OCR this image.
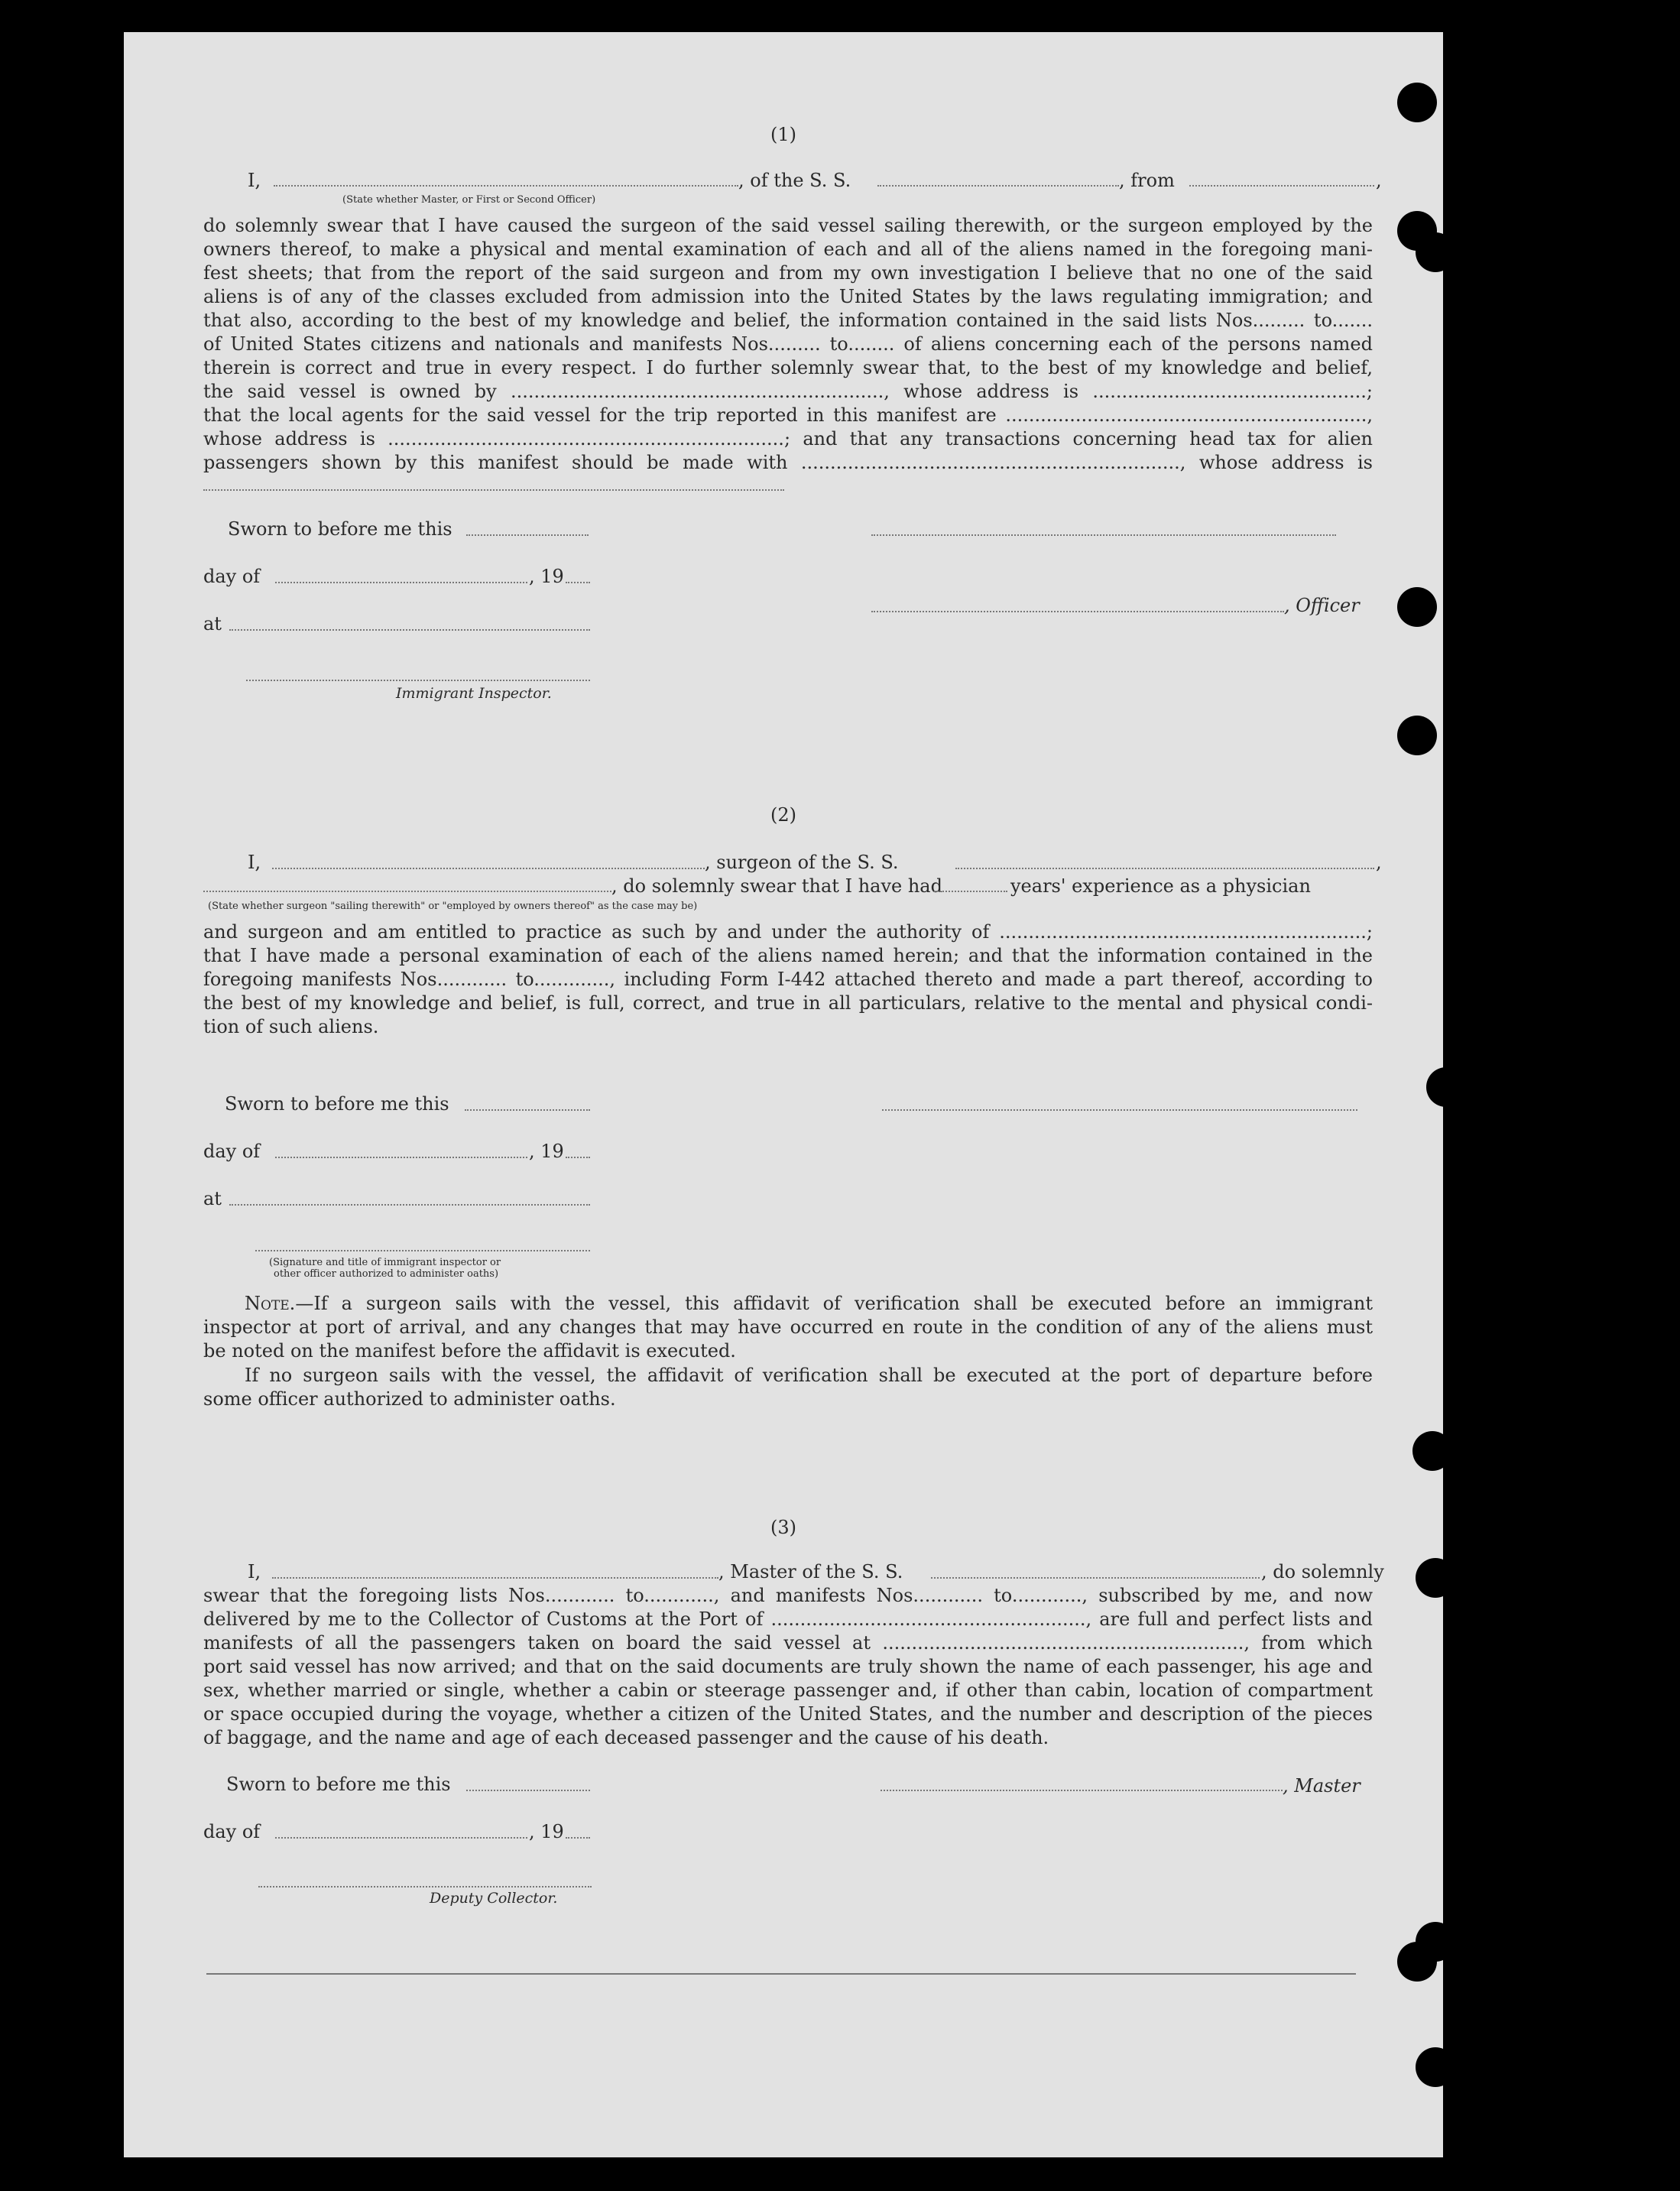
(1)
I,	, of the S. S.	, from	,
(State whether Master, or First or Second Officer)
do solemnly swear that I have caused the surgeon of the said vessel sailing therewith, or the surgeon employed by the
owners thereof, to make a physical and mental examination of each and all of the aliens named in the foregoing mani-
fest sheets; that from the report of the said surgeon and from my own investigation I believe that no one of the said
aliens is of any of the classes excluded from admission into the United States by the laws regulating immigration; and
that also, according to the best of my knowledge and belief, the information contained in the said lists Nos......... to.......
of United States citizens and nationals and manifests Nos......... to........ of aliens concerning each of the persons named
therein is correct and true in every respect. I do further solemnly swear that, to the best of my knowledge and belief,
the said vessel is owned by ................................................................, whose address is ...............................................;
that the local agents for the said vessel for the trip reported in this manifest are ..............................................................,
whose address is ....................................................................; and that any transactions concerning head tax for alien
passengers shown by this manifest should be made with ................................................................., whose address is
Sworn to before me this
day of	, 19
, Officer
at
Immigrant Inspector.
(2)
I,	, surgeon of the S. S.	,
, do solemnly swear that I have had	years' experience as a physician
(State whether surgeon "sailing therewith" or "employed by owners thereof" as the case may be)
and surgeon and am entitled to practice as such by and under the authority of ...............................................................;
that I have made a personal examination of each of the aliens named herein; and that the information contained in the
foregoing manifests Nos............ to............., including Form I-442 attached thereto and made a part thereof, according to
the best of my knowledge and belief, is full, correct, and true in all particulars, relative to the mental and physical condi-
tion of such aliens.
Sworn to before me this
day of	, 19
at
(Signature and title of immigrant inspector or
other officer authorized to administer oaths)
Note.—If a surgeon sails with the vessel, this affidavit of verification shall be executed before an immigrant
inspector at port of arrival, and any changes that may have occurred en route in the condition of any of the aliens must
be noted on the manifest before the affidavit is executed.
If no surgeon sails with the vessel, the affidavit of verification shall be executed at the port of departure before
some officer authorized to administer oaths.
(3)
I,	, Master of the S. S.	, do solemnly
swear that the foregoing lists Nos............ to............, and manifests Nos............ to............, subscribed by me, and now
delivered by me to the Collector of Customs at the Port of ......................................................, are full and perfect lists and
manifests of all the passengers taken on board the said vessel at .............................................................., from which
port said vessel has now arrived; and that on the said documents are truly shown the name of each passenger, his age and
sex, whether married or single, whether a cabin or steerage passenger and, if other than cabin, location of compartment
or space occupied during the voyage, whether a citizen of the United States, and the number and description of the pieces
of baggage, and the name and age of each deceased passenger and the cause of his death.
Sworn to before me this	, Master
day of	, 19
Deputy Collector.
